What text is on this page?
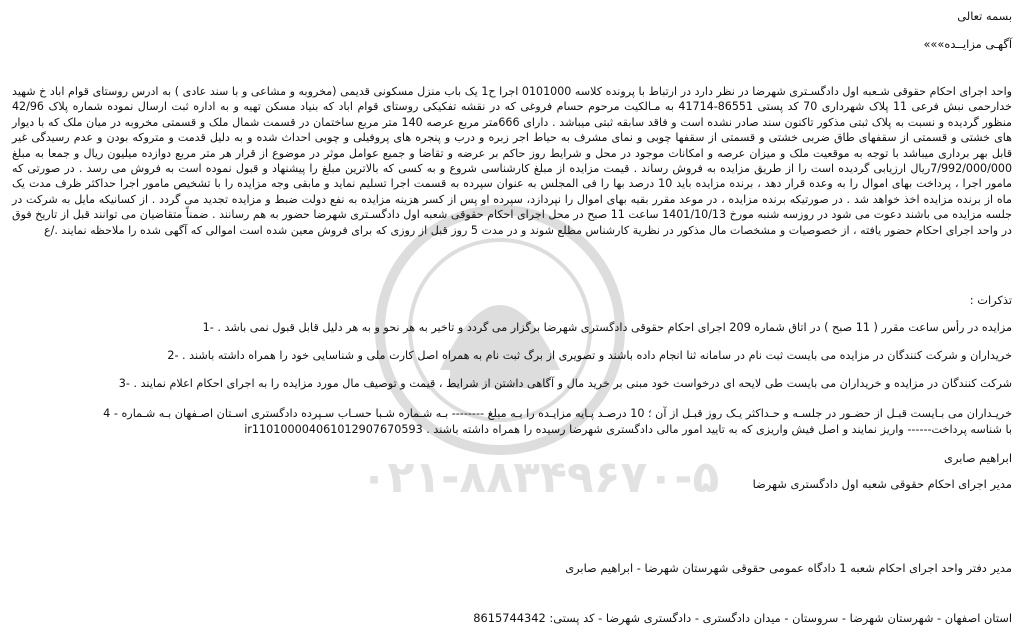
۰۲۱-۸۸۳۴۹۶۷۰-۵
بسمه تعالی
آگهـی مزایــده»»»

واحد اجرای احکام حقوقی شـعبه اول دادگسـتری شهرضا در نظر دارد در ارتباط با پرونده کلاسه 0101000 اجرا ح1 یک باب منزل مسکونی قدیمی (مخروبه و مشاعی و با سند عادی ) به ادرس روستای قوام اباد خ شهید خدارحمی نبش فرعی 11 پلاک شهرداری 70 کد پستی 86551-41714 به مـالکیت مرحوم حسام فروغی که در نقشه تفکیکی روستای قوام اباد که بنیاد مسکن تهیه و به اداره ثبت ارسال نموده شماره پلاک 42/96 منظور گردیده و نسبت به پلاک ثبتی مذکور تاکنون سند صادر نشده است و فاقد سابقه ثبتی میباشد . دارای 666متر مربع عرصه 140 متر مربع ساختمان در قسمت شمال ملک و قسمتی مخروبه در میان ملک که با دیوار های خشتی و قسمتی از سقفهای طاق ضربی خشتی و قسمتی از سقفها چوبی و نمای مشرف به حیاط اجر زبره و درب و پنجره های پروفیلی و چوبی احداث شده و به دلیل قدمت و متروکه بودن و عدم رسیدگی غیر قابل بهر برداری میباشد با توجه به موقعیت ملک و میزان عرصه و امکانات موجود در محل و شرایط روز حاکم بر عرضه و تقاضا و جمیع عوامل موثر در موضوع از قرار هر متر مربع دوازده میلیون ریال و جمعا به مبلغ 7/992/000/000ریال ارزیابی گردیده است را از طریق مزایده به فروش رساند . قیمت مزایده از مبلغ کارشناسی شروع و به کسی که بالاترین مبلغ را پیشنهاد و قبول نموده است به فروش می رسد . در صورتی که مامور اجرا ، پرداخت بهای اموال را به وعده قرار دهد ، برنده مزایده باید 10 درصد بها را فی المجلس به عنوان سپرده به قسمت اجرا تسلیم نماید و مابقی وجه مزایده را با تشخیص مامور اجرا حداکثر ظرف مدت یک ماه از برنده مزایده اخذ خواهد شد . در صورتیکه برنده مزایده ، در موعد مقرر بقیه بهای اموال را نپردازد، سپرده او پس از کسر هزینه مزایده به نفع دولت ضبط و مزایده تجدید می گردد . از کسانیکه مایل به شرکت در جلسه مزایده می باشند دعوت می شود در روزسه شنبه مورخ 1401/10/13 ساعت 11 صبح در محل اجرای احکام حقوقی شعبه اول دادگسـتری شهرضا حضور به هم رسانند . ضمناً متقاضیان می توانند قبل از تاریخ فوق در واحد اجرای احکام حضور یافته ، از خصوصیات و مشخصات مال مذکور در نظریة کارشناس مطلع شوند و در مدت 5 روز قبل از روزی که برای فروش معین شده است اموالی که آگهی شده را ملاحظه نمایند ./ع

تذکرات :
مزایده در رأس ساعت مقرر ( 11 صبح ) در اتاق شماره 209 اجرای احکام حقوقی دادگستری شهرضا برگزار می گردد و تاخیر به هر نحو و به هر دلیل قابل قبول نمی باشد . -1
خریداران و شرکت کنندگان در مزایده می بایست ثبت نام در سامانه ثنا انجام داده باشند و تصویری از برگ ثبت نام به همراه اصل کارت ملی و شناسایی خود را همراه داشته باشند . -2
شرکت کنندگان در مزایده و خریداران می بایست طی لایحه ای درخواست خود مبنی بر خرید مال و آگاهی داشتن از شرایط ، قیمت و توصیف مال مورد مزایده را به اجرای احکام اعلام نمایند . -3
خریـداران می بـایست قبـل از حضـور در جلسـه و حـداکثر یـک روز قبـل از آن ؛ 10 درصـد پـایه مزایـده را بـه مبلغ -------- بـه شـماره شـبا حسـاب سـپرده دادگستری اسـتان اصـفهان بـه شـماره - 4
با شناسه پرداخت------ واریز نمایند و اصل فیش واریزی که به تایید امور مالی دادگستری شهرضا رسیده را همراه داشته باشند . ir110100004061012907670593
ابراهیم صابری
مدیر اجرای احکام حقوقی شعبه اول دادگستری شهرضا
مدیر دفتر واحد اجرای احکام شعبه 1 دادگاه عمومی حقوقی شهرستان شهرضا - ابراهیم صابری
استان اصفهان - شهرستان شهرضا - سروستان - میدان دادگستری - دادگستری شهرضا - کد پستی: 8615744342
